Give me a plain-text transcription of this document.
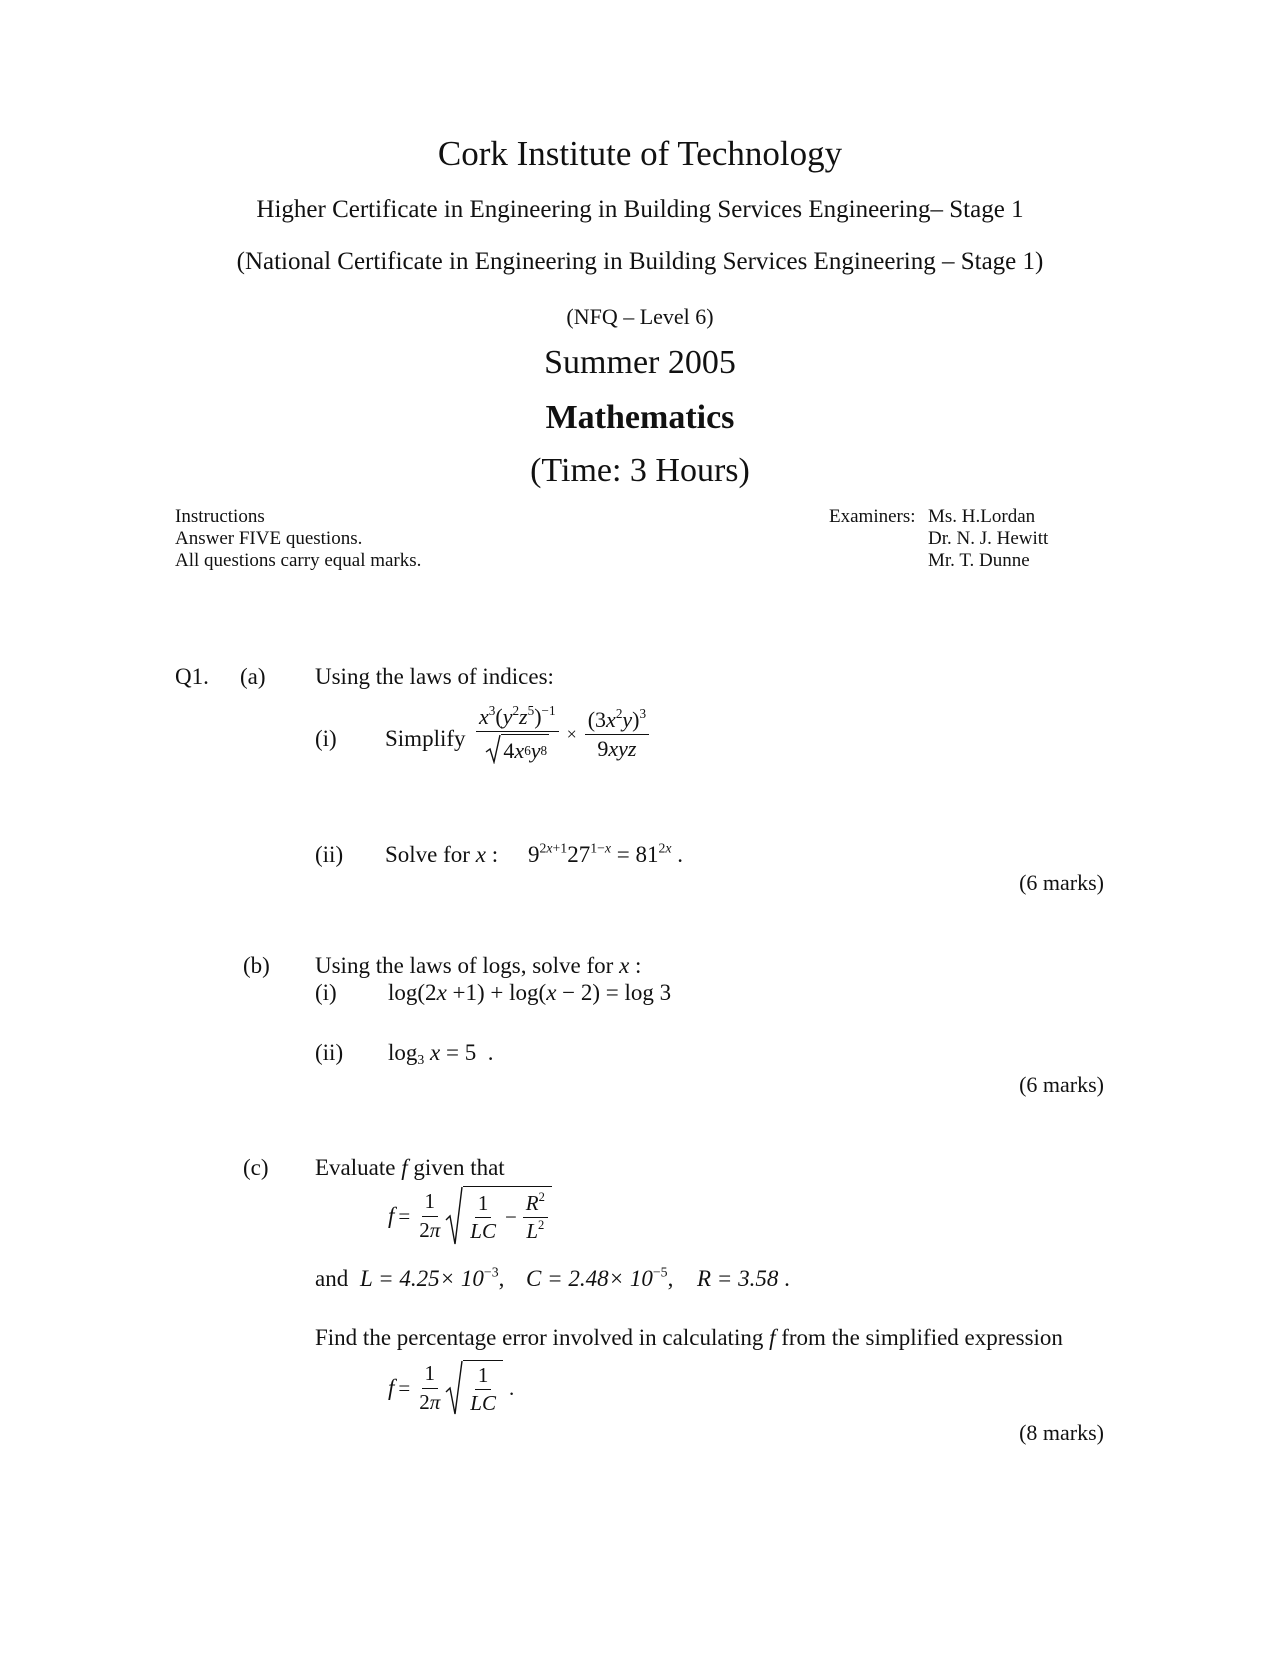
Cork Institute of Technology
Higher Certificate in Engineering in Building Services Engineering– Stage 1
(National Certificate in Engineering in Building Services Engineering – Stage 1)
(NFQ – Level 6)
Summer 2005
Mathematics
(Time: 3 Hours)
Instructions
Answer FIVE questions.
All questions carry equal marks.
Examiners: Ms. H.Lordan
Dr. N. J. Hewitt
Mr. T. Dunne
Q1. (a) Using the laws of indices:
(i) Simplify $\frac{x^3(y^2z^5)^{-1}}{4 x 6 y 8} \times \frac{(3x^2y)^3}{\text{9xyz}}$
(ii) Solve for x : $9^{2x+1}27^{1-x} = 81^{2x}$ .
(6 marks)
(b) Using the laws of logs, solve for x :
(i) log(2x +1) + log(x − 2) = log 3
(ii) $\log_3 x = 5$  .
(6 marks)
(c) Evaluate f given that
$f = \frac{1}{2\pi} \frac{1}{LC} - \frac{R^2}{L^2}$
and $L = 4.25\times 10^{-3}$, $C = 2.48\times 10^{-5}$, R = 3.58 .
Find the percentage error involved in calculating f from the simplified expression
$f = \frac{1}{2\pi} \frac{1}{LC}$ .
(8 marks)
